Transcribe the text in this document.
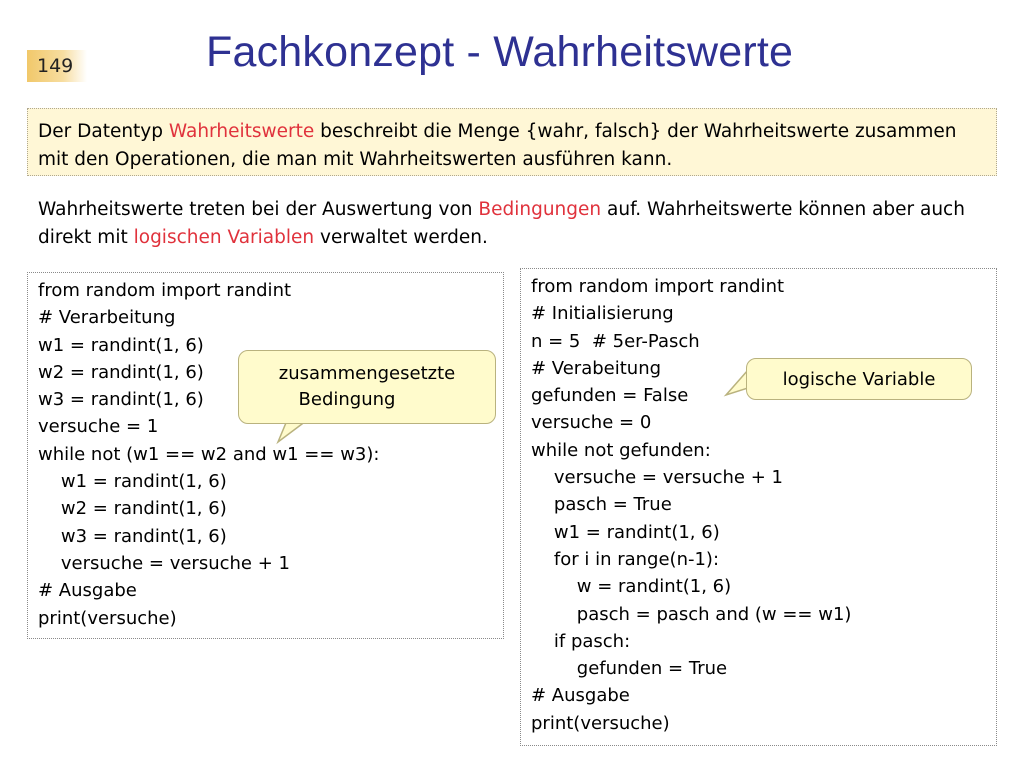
149	Fachkonzept - Wahrheitswerte
Der Datentyp Wahrheitswerte beschreibt die Menge {wahr, falsch} der Wahrheitswerte zusammen mit den Operationen, die man mit Wahrheitswerten ausführen kann.
Wahrheitswerte treten bei der Auswertung von Bedingungen auf. Wahrheitswerte können aber auch direkt mit logischen Variablen verwaltet werden.
from random import randint
# Verarbeitung
w1 = randint(1, 6)
w2 = randint(1, 6)
w3 = randint(1, 6)
versuche = 1
while not (w1 == w2 and w1 == w3):
w1 = randint(1, 6)
w2 = randint(1, 6)
w3 = randint(1, 6)
versuche = versuche + 1
# Ausgabe
print(versuche)
from random import randint
# Initialisierung
n = 5  # 5er-Pasch
# Verabeitung
gefunden = False
versuche = 0
while not gefunden:
versuche = versuche + 1
pasch = True
w1 = randint(1, 6)
for i in range(n-1):
w = randint(1, 6)
pasch = pasch and (w == w1)
if pasch:
gefunden = True
# Ausgabe
print(versuche)
zusammengesetzte
Bedingung
logische Variable
